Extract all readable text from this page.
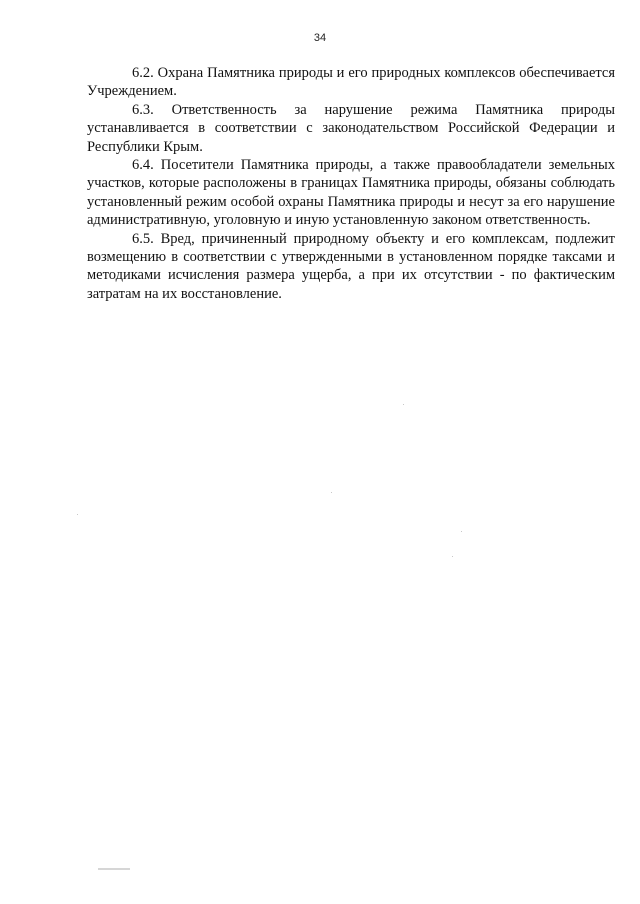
34

6.2. Охрана Памятника природы и его природных комплексов обеспечивается Учреждением.

6.3. Ответственность за нарушение режима Памятника природы устанавливается в соответствии с законодательством Российской Федерации и Республики Крым.

6.4. Посетители Памятника природы, а также правообладатели земельных участков, которые расположены в границах Памятника природы, обязаны соблюдать установленный режим особой охраны Памятника природы и несут за его нарушение административную, уголовную и иную установленную законом ответственность.

6.5. Вред, причиненный природному объекту и его комплексам, подлежит возмещению в соответствии с утвержденными в установленном порядке таксами и методиками исчисления размера ущерба, а при их отсутствии - по фактическим затратам на их восстановление.
